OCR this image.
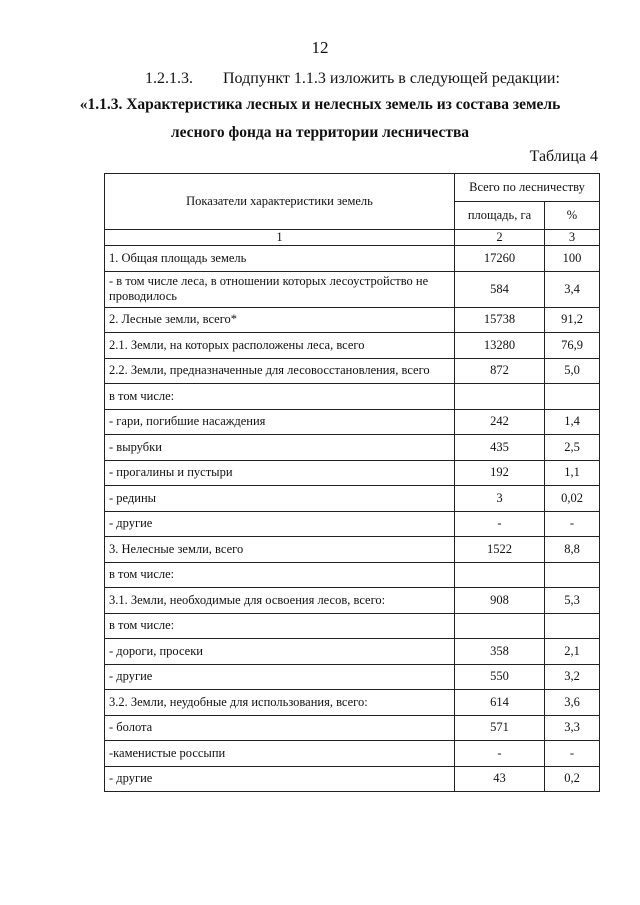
12
1.2.1.3. Подпункт 1.1.3 изложить в следующей редакции:
«1.1.3. Характеристика лесных и нелесных земель из состава земель
лесного фонда на территории лесничества
Таблица 4
Показатели характеристики земель	Всего по лесничеству	
	площадь, га	%
1	2	3
1. Общая площадь земель	17260	100
- в том числе леса, в отношении которых лесоустройство не проводилось	584	3,4
2. Лесные земли, всего*	15738	91,2
2.1. Земли, на которых расположены леса, всего	13280	76,9
2.2. Земли, предназначенные для лесовосстановления, всего	872	5,0
в том числе:		
- гари, погибшие насаждения	242	1,4
- вырубки	435	2,5
- прогалины и пустыри	192	1,1
- редины	3	0,02
- другие	-	-
3. Нелесные земли, всего	1522	8,8
в том числе:		
3.1. Земли, необходимые для освоения лесов, всего:	908	5,3
в том числе:		
- дороги, просеки	358	2,1
- другие	550	3,2
3.2. Земли, неудобные для использования, всего:	614	3,6
- болота	571	3,3
-каменистые россыпи	-	-
- другие	43	0,2
